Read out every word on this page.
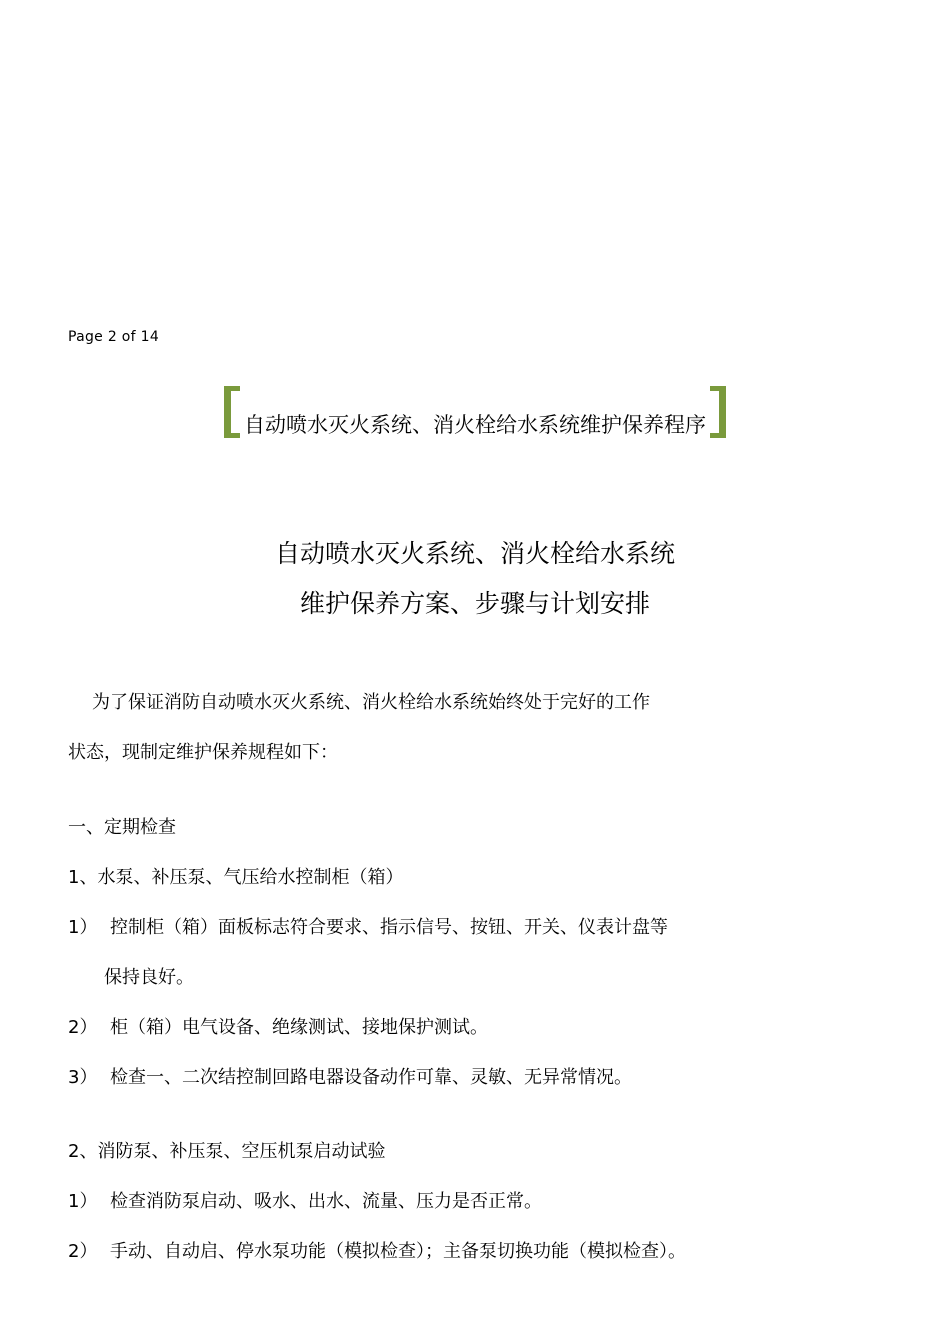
Page 2 of 14
自动喷水灭火系统、消火栓给水系统维护保养程序
自动喷水灭火系统、消火栓给水系统
维护保养方案、步骤与计划安排
为了保证消防自动喷水灭火系统、消火栓给水系统始终处于完好的工作
状态，现制定维护保养规程如下：
一、定期检查
1、水泵、补压泵、气压给水控制柜（箱）
1） 控制柜（箱）面板标志符合要求、指示信号、按钮、开关、仪表计盘等
保持良好。
2） 柜（箱）电气设备、绝缘测试、接地保护测试。
3） 检查一、二次结控制回路电器设备动作可靠、灵敏、无异常情况。
2、消防泵、补压泵、空压机泵启动试验
1） 检查消防泵启动、吸水、出水、流量、压力是否正常。
2） 手动、自动启、停水泵功能（模拟检查）；主备泵切换功能（模拟检查）。
